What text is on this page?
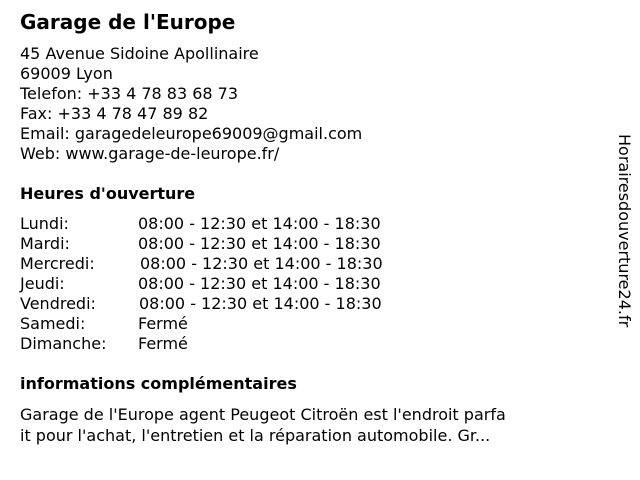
Garage de l'Europe
45 Avenue Sidoine Apollinaire
69009 Lyon
Telefon: +33 4 78 83 68 73
Fax: +33 4 78 47 89 82
Email: garagedeleurope69009@gmail.com
Web: www.garage-de-leurope.fr/
Heures d'ouverture
Lundi:	08:00 - 12:30 et 14:00 - 18:30
Mardi:	08:00 - 12:30 et 14:00 - 18:30
Mercredi:	08:00 - 12:30 et 14:00 - 18:30
Jeudi:	08:00 - 12:30 et 14:00 - 18:30
Vendredi:	08:00 - 12:30 et 14:00 - 18:30
Samedi:	Fermé
Dimanche: Fermé
informations complémentaires
Garage de l'Europe agent Peugeot Citroën est l'endroit parfa
it pour l'achat, l'entretien et la réparation automobile. Gr...
Horairesdouverture24.fr
